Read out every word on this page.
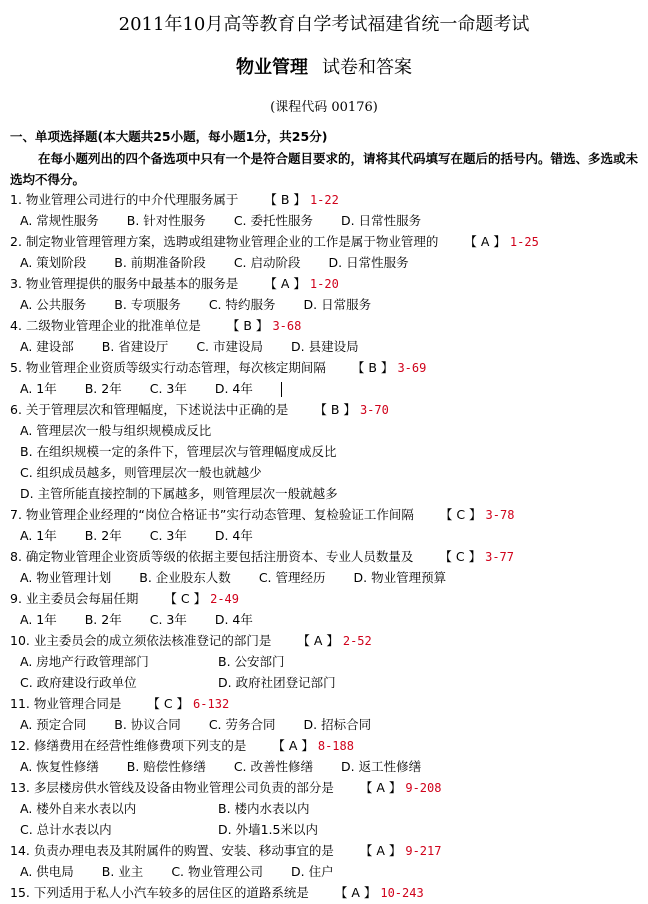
2011年10月高等教育自学考试福建省统一命题考试
物业管理 试卷和答案
(课程代码 00176)
一、单项选择题(本大题共25小题，每小题1分，共25分)
在每小题列出的四个备选项中只有一个是符合题目要求的，请将其代码填写在题后的括号内。错选、多选或未选均不得分。
1. 物业管理公司进行的中介代理服务属于 【 B 】 1-22
A. 常规性服务 B. 针对性服务 C. 委托性服务 D. 日常性服务
2. 制定物业管理管理方案，选聘或组建物业管理企业的工作是属于物业管理的 【 A 】 1-25
A. 策划阶段 B. 前期准备阶段 C. 启动阶段 D. 日常性服务
3. 物业管理提供的服务中最基本的服务是 【 A 】 1-20
A. 公共服务 B. 专项服务 C. 特约服务 D. 日常服务
4. 二级物业管理企业的批准单位是 【 B 】 3-68
A. 建设部 B. 省建设厅 C. 市建设局 D. 县建设局
5. 物业管理企业资质等级实行动态管理，每次核定期间隔 【 B 】 3-69
A. 1年 B. 2年 C. 3年 D. 4年
6. 关于管理层次和管理幅度，下述说法中正确的是 【 B 】 3-70
A. 管理层次一般与组织规模成反比
B. 在组织规模一定的条件下，管理层次与管理幅度成反比
C. 组织成员越多，则管理层次一般也就越少
D. 主管所能直接控制的下属越多，则管理层次一般就越多
7. 物业管理企业经理的“岗位合格证书”实行动态管理、复检验证工作间隔 【 C 】 3-78
A. 1年 B. 2年 C. 3年 D. 4年
8. 确定物业管理企业资质等级的依据主要包括注册资本、专业人员数量及 【 C 】 3-77
A. 物业管理计划 B. 企业股东人数 C. 管理经历 D. 物业管理预算
9. 业主委员会每届任期 【 C 】 2-49
A. 1年 B. 2年 C. 3年 D. 4年
10. 业主委员会的成立须依法核准登记的部门是 【 A 】 2-52
A. 房地产行政管理部门	B. 公安部门
C. 政府建设行政单位	D. 政府社团登记部门
11. 物业管理合同是 【 C 】 6-132
A. 预定合同 B. 协议合同 C. 劳务合同 D. 招标合同
12. 修缮费用在经营性维修费项下列支的是 【 A 】 8-188
A. 恢复性修缮 B. 赔偿性修缮 C. 改善性修缮 D. 返工性修缮
13. 多层楼房供水管线及设备由物业管理公司负责的部分是 【 A 】 9-208
A. 楼外自来水表以内	B. 楼内水表以内
C. 总计水表以内	D. 外墙1.5米以内
14. 负责办理电表及其附属件的购置、安装、移动事宜的是 【 A 】 9-217
A. 供电局 B. 业主 C. 物业管理公司 D. 住户
15. 下列适用于私人小汽车较多的居住区的道路系统是 【 A 】 10-243
